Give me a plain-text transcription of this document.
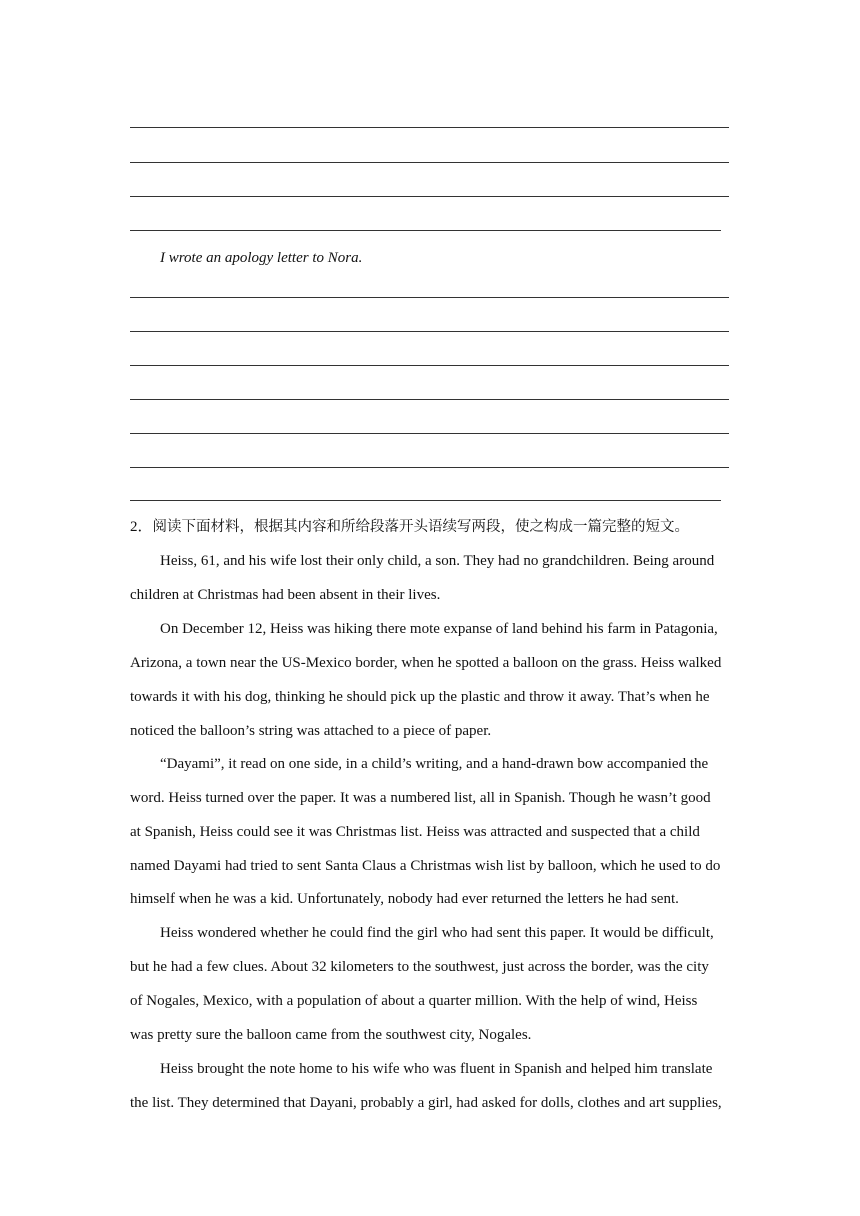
I wrote an apology letter to Nora.
2．阅读下面材料，根据其内容和所给段落开头语续写两段，使之构成一篇完整的短文。
Heiss, 61, and his wife lost their only child, a son. They had no grandchildren. Being around
children at Christmas had been absent in their lives.
On December 12, Heiss was hiking there mote expanse of land behind his farm in Patagonia,
Arizona, a town near the US-Mexico border, when he spotted a balloon on the grass. Heiss walked
towards it with his dog, thinking he should pick up the plastic and throw it away. That’s when he
noticed the balloon’s string was attached to a piece of paper.
“Dayami”, it read on one side, in a child’s writing, and a hand-drawn bow accompanied the
word. Heiss turned over the paper. It was a numbered list, all in Spanish. Though he wasn’t good
at Spanish, Heiss could see it was Christmas list. Heiss was attracted and suspected that a child
named Dayami had tried to sent Santa Claus a Christmas wish list by balloon, which he used to do
himself when he was a kid. Unfortunately, nobody had ever returned the letters he had sent.
Heiss wondered whether he could find the girl who had sent this paper. It would be difficult,
but he had a few clues. About 32 kilometers to the southwest, just across the border, was the city
of Nogales, Mexico, with a population of about a quarter million. With the help of wind, Heiss
was pretty sure the balloon came from the southwest city, Nogales.
Heiss brought the note home to his wife who was fluent in Spanish and helped him translate
the list. They determined that Dayani, probably a girl, had asked for dolls, clothes and art supplies,
